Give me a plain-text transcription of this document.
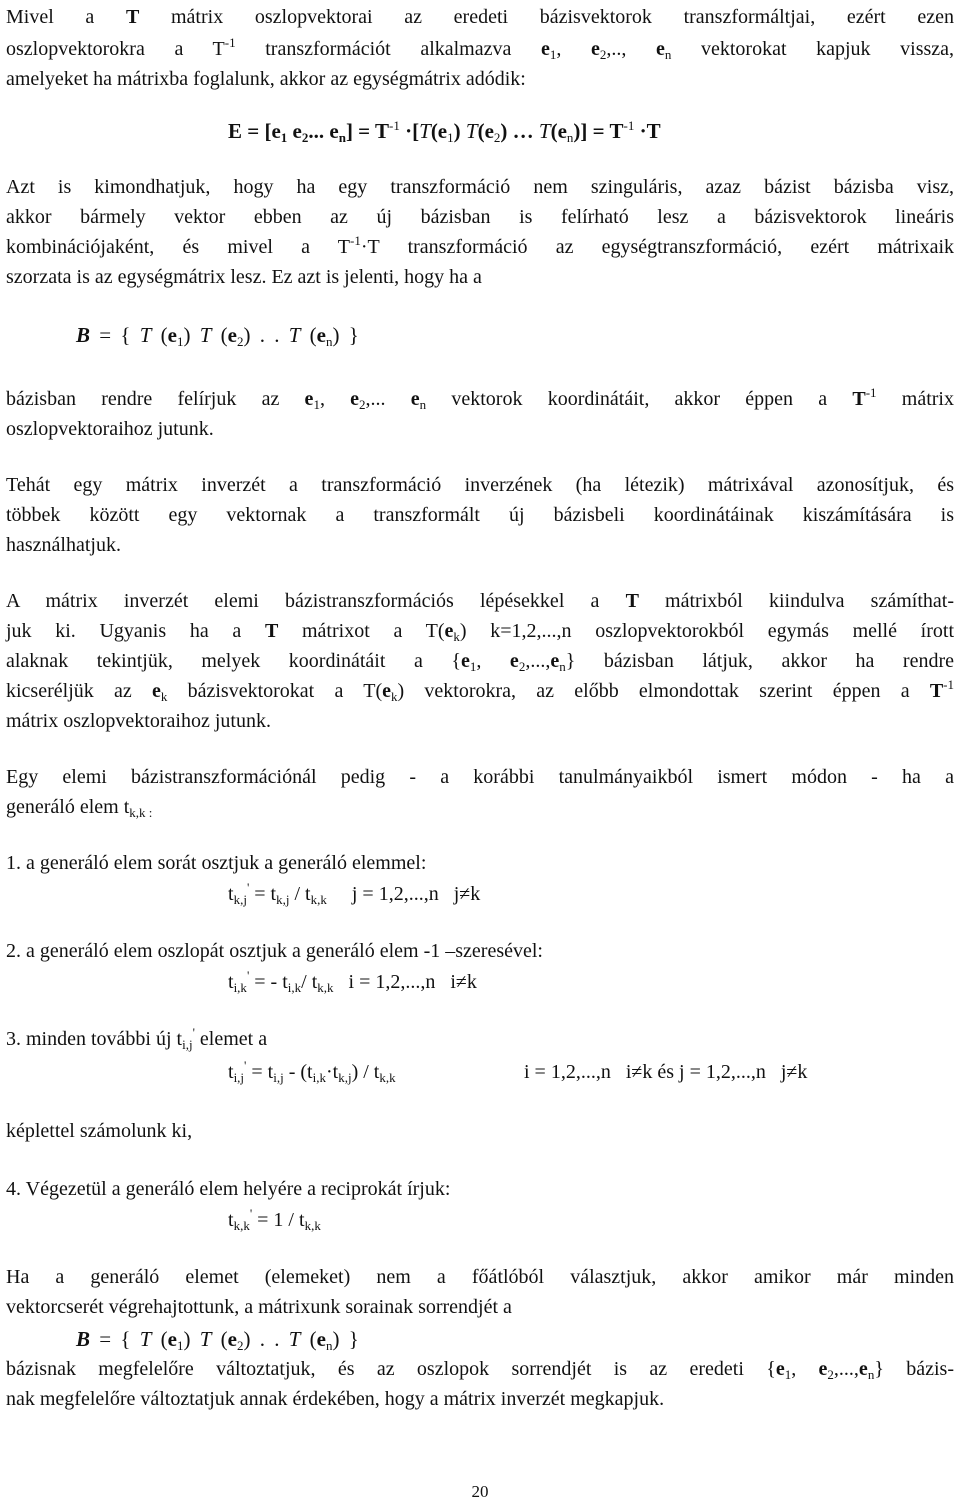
Mivel a T mátrix oszlopvektorai az eredeti bázisvektorok transzformáltjai, ezért ezen
oszlopvektorokra a $T^{-1}$ transzformációt alkalmazva $e_1$, $e_2$,.., $e_n$ vektorokat kapjuk vissza,
amelyeket ha mátrixba foglalunk, akkor az egységmátrix adódik:
$E = [e_1$ $e_2$... $e_n] = T^{-1} \cdot[T(e_1)$ $T(e_2)$ … $T(e_n)] = T^{-1} \cdot T$
Azt is kimondhatjuk, hogy ha egy transzformáció nem szinguláris, azaz bázist bázisba visz,
akkor bármely vektor ebben az új bázisban is felírható lesz a bázisvektorok lineáris
kombinációjaként, és mivel a $T^{-1}\cdot T$ transzformáció az egységtranszformáció, ezért mátrixaik
szorzata is az egységmátrix lesz. Ez azt is jelenti, hogy ha a
B = { T $(e_1)$ T $(e_2)$ . . T $(e_n)$ }
bázisban rendre felírjuk az $e_1$, $e_2$,... $e_n$ vektorok koordinátáit, akkor éppen a $T^{-1}$ mátrix
oszlopvektoraihoz jutunk.
Tehát egy mátrix inverzét a transzformáció inverzének (ha létezik) mátrixával azonosítjuk, és
többek között egy vektornak a transzformált új bázisbeli koordinátáinak kiszámítására is
használhatjuk.
A mátrix inverzét elemi bázistranszformációs lépésekkel a T mátrixból kiindulva számíthat-
juk ki. Ugyanis ha a T mátrixot a $T(e_k)$ k=1,2,...,n oszlopvektorokból egymás mellé írott
alaknak tekintjük, melyek koordinátáit a {$e_1$, $e_2,...,e_n$} bázisban látjuk, akkor ha rendre
kicseréljük az $e_k$ bázisvektorokat a $T(e_k)$ vektorokra, az előbb elmondottak szerint éppen a $T^{-1}$
mátrix oszlopvektoraihoz jutunk.
Egy elemi bázistranszformációnál pedig - a korábbi tanulmányaikból ismert módon - ha a
generáló elem $t_{k,k :}$
1. a generáló elem sorát osztjuk a generáló elemmel:
$t_{k,j}' = t_{k,j} / t_{k,k}$     j = 1,2,...,n   j≠k
2. a generáló elem oszlopát osztjuk a generáló elem -1 –szeresével:
$t_{i,k}'$ = - $t_{i,k}/$ $t_{k,k}$   i = 1,2,...,n   i≠k
3. minden további új $t_{i,j}'$ elemet a
$t_{i,j}' = t_{i,j} - (t_{i,k}\cdot t_{k,j}) / t_{k,k}$	i = 1,2,...,n   i≠k és j = 1,2,...,n   j≠k
képlettel számolunk ki,
4. Végezetül a generáló elem helyére a reciprokát írjuk:
$t_{k,k}' = 1 / t_{k,k}$
Ha a generáló elemet (elemeket) nem a főátlóból választjuk, akkor amikor már minden
vektorcserét végrehajtottunk, a mátrixunk sorainak sorrendjét a
B = { T $(e_1)$ T $(e_2)$ . . T $(e_n)$ }
bázisnak megfelelőre változtatjuk, és az oszlopok sorrendjét is az eredeti {$e_1$, $e_2,...,e_n$} bázis-
nak megfelelőre változtatjuk annak érdekében, hogy a mátrix inverzét megkapjuk.
20
